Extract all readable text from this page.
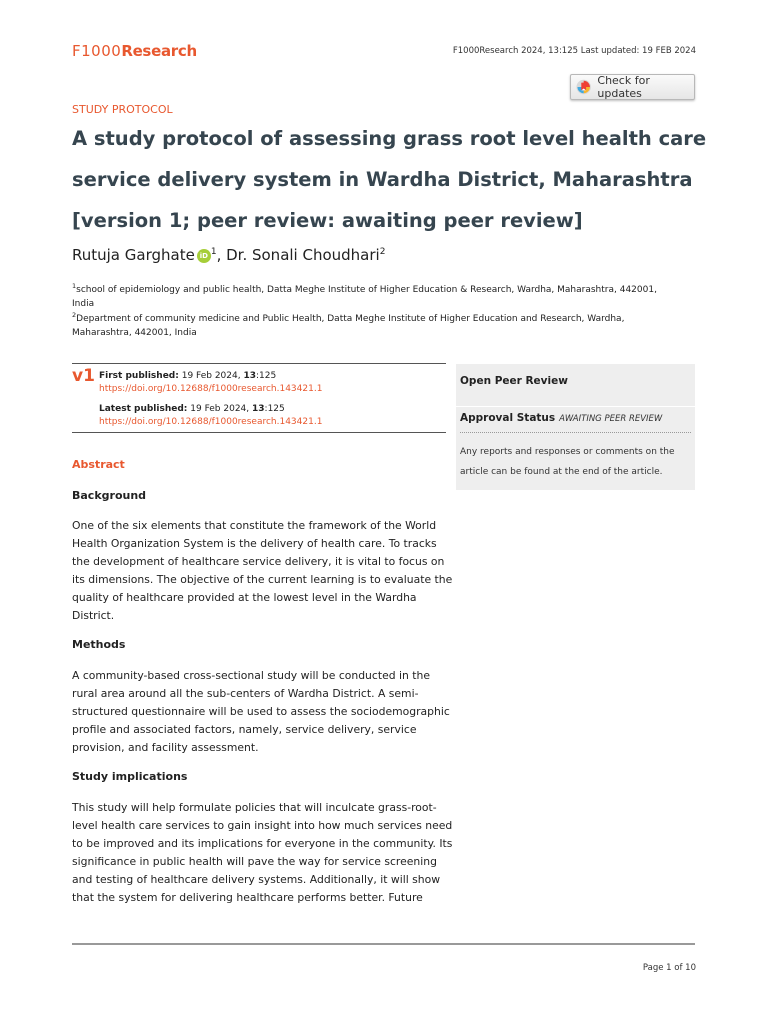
F1000Research	F1000Research 2024, 13:125 Last updated: 19 FEB 2024
Check for updates
STUDY PROTOCOL
A study protocol of assessing grass root level health care
service delivery system in Wardha District, Maharashtra
[version 1; peer review: awaiting peer review]
Rutuja Garghate iD $^1$, Dr. Sonali Choudhari$^2$
$^1$school of epidemiology and public health, Datta Meghe Institute of Higher Education & Research, Wardha, Maharashtra, 442001,
India
$^2$Department of community medicine and Public Health, Datta Meghe Institute of Higher Education and Research, Wardha,
Maharashtra, 442001, India
v1 First published: 19 Feb 2024, 13:125
https://doi.org/10.12688/f1000research.143421.1
Latest published: 19 Feb 2024, 13:125
https://doi.org/10.12688/f1000research.143421.1
Open Peer Review
Approval Status AWAITING PEER REVIEW
Any reports and responses or comments on the
article can be found at the end of the article.
Abstract
Background
One of the six elements that constitute the framework of the World
Health Organization System is the delivery of health care. To tracks
the development of healthcare service delivery, it is vital to focus on
its dimensions. The objective of the current learning is to evaluate the
quality of healthcare provided at the lowest level in the Wardha
District.
Methods
A community-based cross-sectional study will be conducted in the
rural area around all the sub-centers of Wardha District. A semi-
structured questionnaire will be used to assess the sociodemographic
profile and associated factors, namely, service delivery, service
provision, and facility assessment.
Study implications
This study will help formulate policies that will inculcate grass-root-
level health care services to gain insight into how much services need
to be improved and its implications for everyone in the community. Its
significance in public health will pave the way for service screening
and testing of healthcare delivery systems. Additionally, it will show
that the system for delivering healthcare performs better. Future
Page 1 of 10
